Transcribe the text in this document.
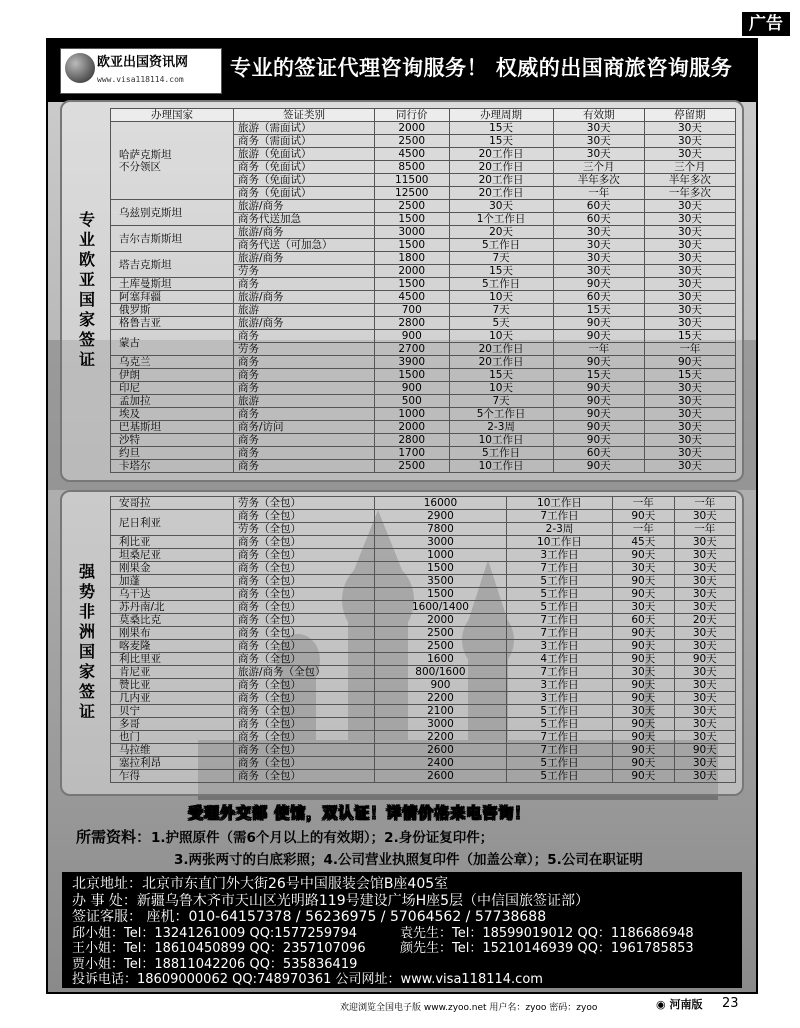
广告
欧亚出国资讯网
www.visa118114.com 专业的签证代理咨询服务！ 权威的出国商旅咨询服务
专业欧亚国家签证
办理国家	签证类别	同行价	办理周期	有效期	停留期
哈萨克斯坦
不分领区	旅游（需面试）	2000	15天	30天	30天
	商务（需面试）	2500	15天	30天	30天
	旅游（免面试）	4500	20工作日	30天	30天
	商务（免面试）	8500	20工作日	三个月	三个月
	商务（免面试）	11500	20工作日	半年多次	半年多次
	商务（免面试）	12500	20工作日	一年	一年多次
乌兹别克斯坦	旅游/商务	2500	30天	60天	30天
	商务代送加急	1500	1个工作日	60天	30天
吉尔吉斯斯坦	旅游/商务	3000	20天	30天	30天
	商务代送（可加急）	1500	5工作日	30天	30天
塔吉克斯坦	旅游/商务	1800	7天	30天	30天
	劳务	2000	15天	30天	30天
土库曼斯坦	商务	1500	5工作日	90天	30天
阿塞拜疆	旅游/商务	4500	10天	60天	30天
俄罗斯	旅游	700	7天	15天	30天
格鲁吉亚	旅游/商务	2800	5天	90天	30天
蒙古	商务	900	10天	90天	15天
	劳务	2700	20工作日	一年	一年
乌克兰	商务	3900	20工作日	90天	90天
伊朗	商务	1500	15天	15天	15天
印尼	商务	900	10天	90天	30天
孟加拉	旅游	500	7天	90天	30天
埃及	商务	1000	5个工作日	90天	30天
巴基斯坦	商务/访问	2000	2-3周	90天	30天
沙特	商务	2800	10工作日	90天	30天
约旦	商务	1700	5工作日	60天	30天
卡塔尔	商务	2500	10工作日	90天	30天
强势非洲国家签证
安哥拉	劳务（全包）	16000	10工作日	一年	一年
尼日利亚	商务（全包）	2900	7工作日	90天	30天
	劳务（全包）	7800	2-3周	一年	一年
利比亚	商务（全包）	3000	10工作日	45天	30天
坦桑尼亚	商务（全包）	1000	3工作日	90天	30天
刚果金	商务（全包）	1500	7工作日	30天	30天
加蓬	商务（全包）	3500	5工作日	90天	30天
乌干达	商务（全包）	1500	5工作日	90天	30天
苏丹南/北	商务（全包）	1600/1400	5工作日	30天	30天
莫桑比克	商务（全包）	2000	7工作日	60天	20天
刚果布	商务（全包）	2500	7工作日	90天	30天
喀麦隆	商务（全包）	2500	3工作日	90天	30天
利比里亚	商务（全包）	1600	4工作日	90天	90天
肯尼亚	旅游/商务（全包）	800/1600	7工作日	30天	30天
赞比亚	商务（全包）	900	3工作日	90天	30天
几内亚	商务（全包）	2200	3工作日	90天	30天
贝宁	商务（全包）	2100	5工作日	30天	30天
多哥	商务（全包）	3000	5工作日	90天	30天
也门	商务（全包）	2200	7工作日	90天	30天
马拉维	商务（全包）	2600	7工作日	90天	90天
塞拉利昂	商务（全包）	2400	5工作日	90天	30天
乍得	商务（全包）	2600	5工作日	90天	30天
受理外交部 使馆，双认证！详情价格来电咨询！
所需资料：1.护照原件（需6个月以上的有效期）；2.身份证复印件；
3.两张两寸的白底彩照；4.公司营业执照复印件（加盖公章）；5.公司在职证明
北京地址：北京市东直门外大街26号中国服装会馆B座405室
办 事 处：新疆乌鲁木齐市天山区光明路119号建设广场H座5层（中信国旅签证部）
签证客服： 座机：010-64157378 / 56236975 / 57064562 / 57738688
邱小姐：Tel：13241261009 QQ:1577259794	袁先生：Tel：18599019012 QQ：1186686948
王小姐：Tel：18610450899 QQ：2357107096	颜先生：Tel：15210146939 QQ：1961785853
贾小姐：Tel：18811042206 QQ：535836419
投诉电话：18609000062 QQ:748970361 公司网址：www.visa118114.com
欢迎浏览全国电子版 www.zyoo.net 用户名：zyoo 密码：zyoo	◉ 河南版	23
